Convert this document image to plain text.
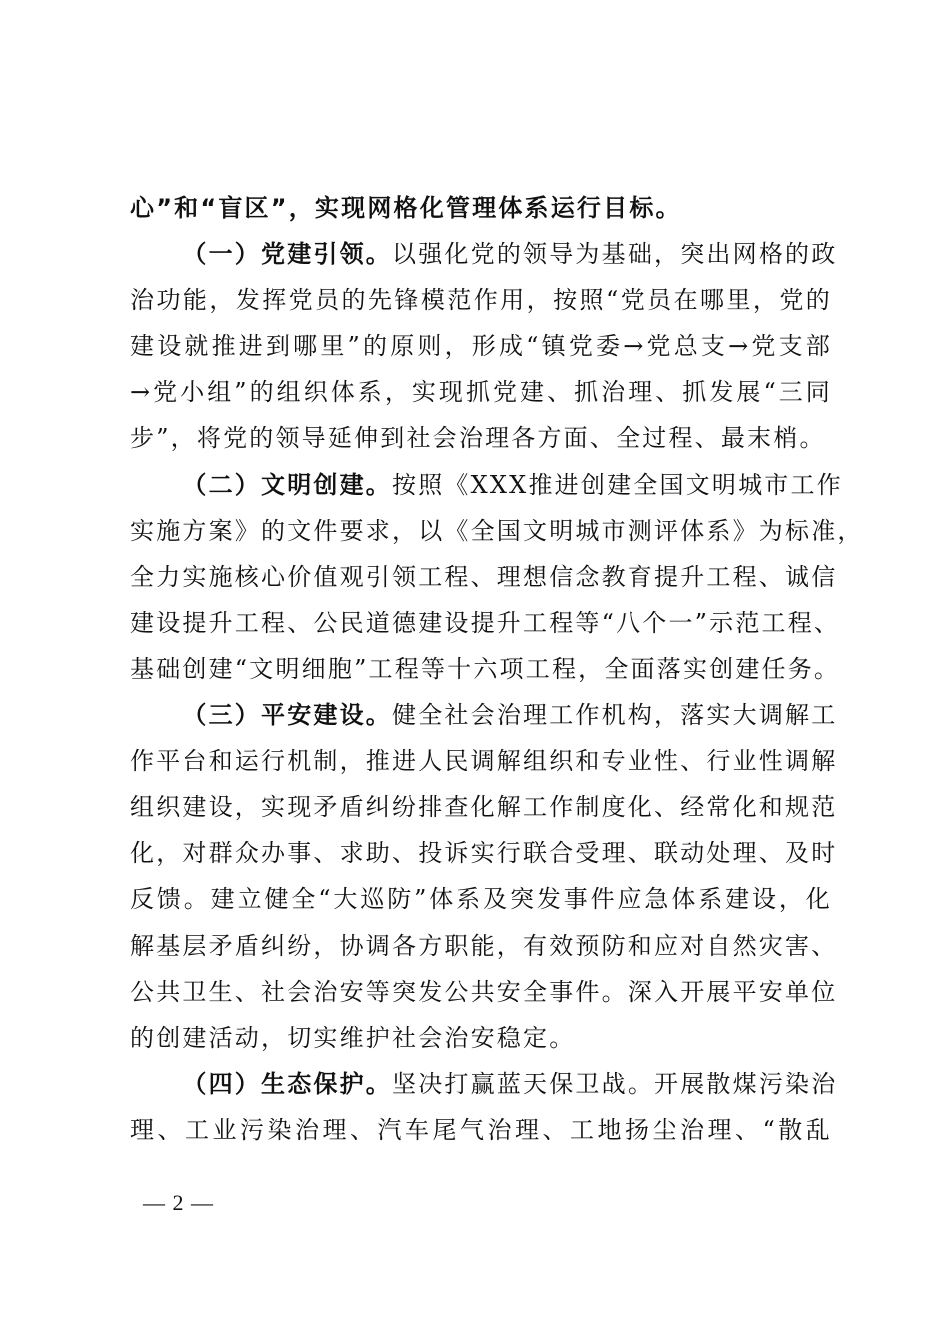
心”和“盲区”，实现网格化管理体系运行目标。
  （一）党建引领。以强化党的领导为基础，突出网格的政
治功能，发挥党员的先锋模范作用，按照“党员在哪里，党的
建设就推进到哪里”的原则，形成“镇党委→党总支→党支部
→党小组”的组织体系，实现抓党建、抓治理、抓发展“三同
步”，将党的领导延伸到社会治理各方面、全过程、最末梢。
  （二）文明创建。按照《XXX推进创建全国文明城市工作
实施方案》的文件要求，以《全国文明城市测评体系》为标准，
全力实施核心价值观引领工程、理想信念教育提升工程、诚信
建设提升工程、公民道德建设提升工程等“八个一”示范工程、
基础创建“文明细胞”工程等十六项工程，全面落实创建任务。
  （三）平安建设。健全社会治理工作机构，落实大调解工
作平台和运行机制，推进人民调解组织和专业性、行业性调解
组织建设，实现矛盾纠纷排查化解工作制度化、经常化和规范
化，对群众办事、求助、投诉实行联合受理、联动处理、及时
反馈。建立健全“大巡防”体系及突发事件应急体系建设，化
解基层矛盾纠纷，协调各方职能，有效预防和应对自然灾害、
公共卫生、社会治安等突发公共安全事件。深入开展平安单位
的创建活动，切实维护社会治安稳定。
  （四）生态保护。坚决打赢蓝天保卫战。开展散煤污染治
理、工业污染治理、汽车尾气治理、工地扬尘治理、“散乱
— 2 —
